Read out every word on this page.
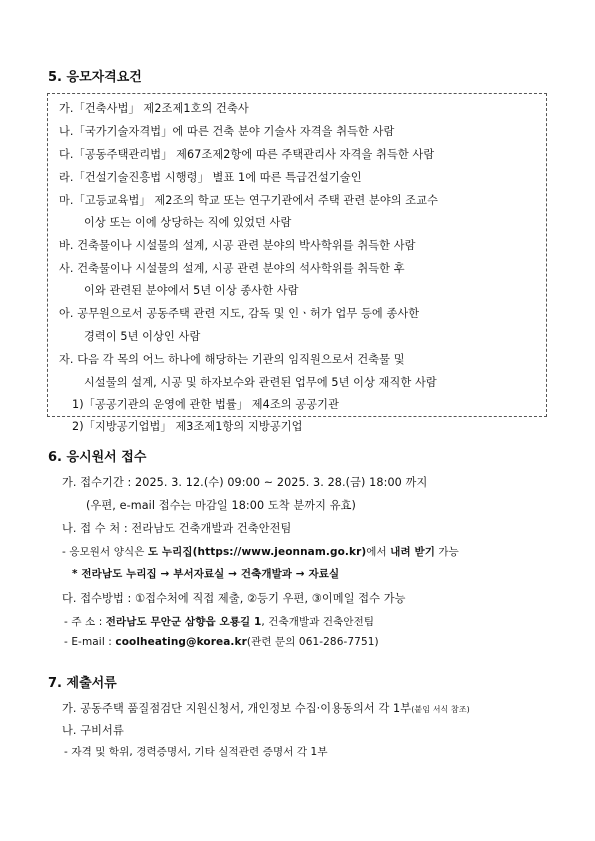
5. 응모자격요건
가.「건축사법」 제2조제1호의 건축사
나.「국가기술자격법」에 따른 건축 분야 기술사 자격을 취득한 사람
다.「공동주택관리법」 제67조제2항에 따른 주택관리사 자격을 취득한 사람
라.「건설기술진흥법 시행령」 별표 1에 따른 특급건설기술인
마.「고등교육법」 제2조의 학교 또는 연구기관에서 주택 관련 분야의 조교수
이상 또는 이에 상당하는 직에 있었던 사람
바. 건축물이나 시설물의 설계, 시공 관련 분야의 박사학위를 취득한 사람
사. 건축물이나 시설물의 설계, 시공 관련 분야의 석사학위를 취득한 후
이와 관련된 분야에서 5년 이상 종사한 사람
아. 공무원으로서 공동주택 관련 지도, 감독 및 인ㆍ허가 업무 등에 종사한
경력이 5년 이상인 사람
자. 다음 각 목의 어느 하나에 해당하는 기관의 임직원으로서 건축물 및
시설물의 설계, 시공 및 하자보수와 관련된 업무에 5년 이상 재직한 사람
1)「공공기관의 운영에 관한 법률」 제4조의 공공기관
2)「지방공기업법」 제3조제1항의 지방공기업
6. 응시원서 접수
가. 접수기간 : 2025. 3. 12.(수) 09:00 ~ 2025. 3. 28.(금) 18:00 까지
(우편, e-mail 접수는 마감일 18:00 도착 분까지 유효)
나. 접 수 처 : 전라남도 건축개발과 건축안전팀
- 응모원서 양식은 도 누리집(https://www.jeonnam.go.kr)에서 내려 받기 가능
* 전라남도 누리집 → 부서자료실 → 건축개발과 → 자료실
다. 접수방법 : ①접수처에 직접 제출, ②등기 우편, ③이메일 접수 가능
- 주 소 : 전라남도 무안군 삼향읍 오룡길 1, 건축개발과 건축안전팀
- E-mail : coolheating@korea.kr(관련 문의 061-286-7751)
7. 제출서류
가. 공동주택 품질점검단 지원신청서, 개인정보 수집·이용동의서 각 1부(붙임 서식 참조)
나. 구비서류
- 자격 및 학위, 경력증명서, 기타 실적관련 증명서 각 1부
